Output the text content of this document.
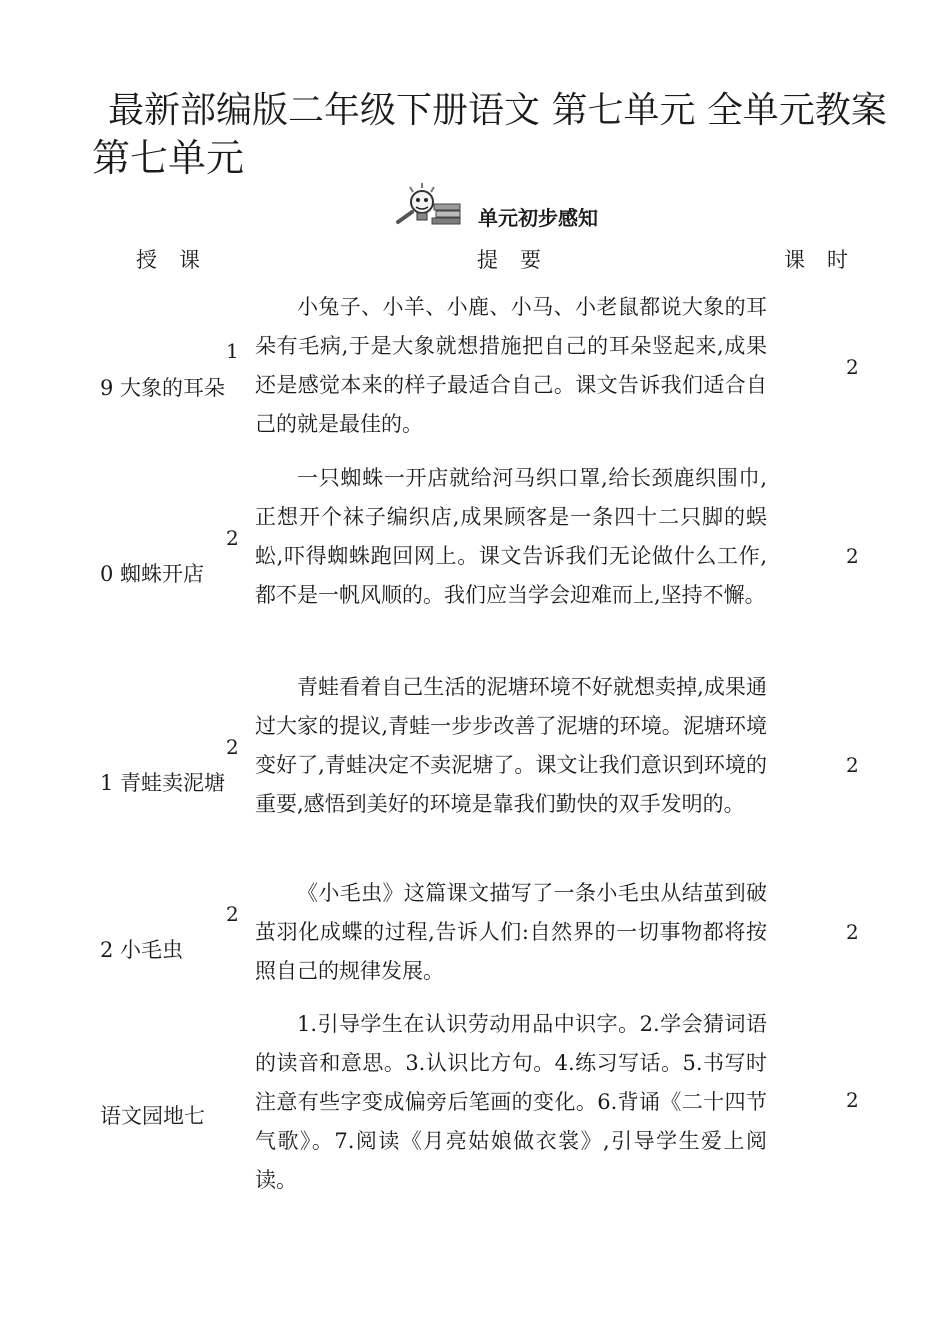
最新部编版二年级下册语文 第七单元 全单元教案
第七单元
单元初步感知
授课	提要	课时
1
9 大象的耳朵
小兔子、小羊、小鹿、小马、小老鼠都说大象的耳朵有毛病,于是大象就想措施把自己的耳朵竖起来,成果还是感觉本来的样子最适合自己。课文告诉我们适合自己的就是最佳的。
2
2
0 蜘蛛开店
一只蜘蛛一开店就给河马织口罩,给长颈鹿织围巾,正想开个袜子编织店,成果顾客是一条四十二只脚的蜈蚣,吓得蜘蛛跑回网上。课文告诉我们无论做什么工作,都不是一帆风顺的。我们应当学会迎难而上,坚持不懈。
2
2
1 青蛙卖泥塘
青蛙看着自己生活的泥塘环境不好就想卖掉,成果通过大家的提议,青蛙一步步改善了泥塘的环境。泥塘环境变好了,青蛙决定不卖泥塘了。课文让我们意识到环境的重要,感悟到美好的环境是靠我们勤快的双手发明的。
2
2
2 小毛虫
《小毛虫》这篇课文描写了一条小毛虫从结茧到破茧羽化成蝶的过程,告诉人们:自然界的一切事物都将按照自己的规律发展。
2
语文园地七
1.引导学生在认识劳动用品中识字。2.学会猜词语的读音和意思。3.认识比方句。4.练习写话。5.书写时注意有些字变成偏旁后笔画的变化。6.背诵《二十四节气歌》。7.阅读《月亮姑娘做衣裳》,引导学生爱上阅读。
2
